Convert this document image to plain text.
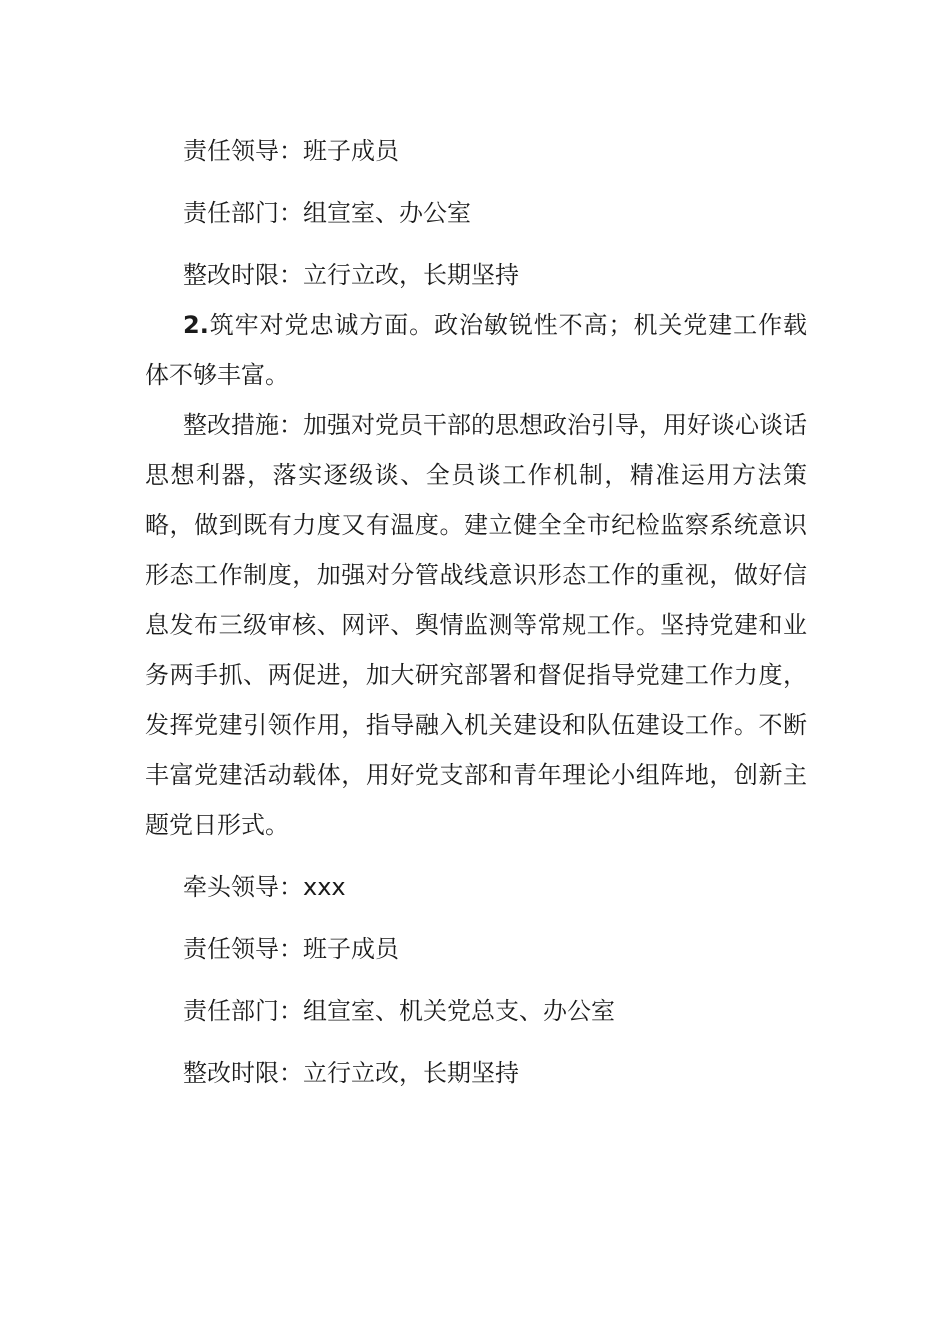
责任领导：班子成员

责任部门：组宣室、办公室

整改时限：立行立改，长期坚持

2.筑牢对党忠诚方面。政治敏锐性不高；机关党建工作载体不够丰富。

整改措施：加强对党员干部的思想政治引导，用好谈心谈话思想利器，落实逐级谈、全员谈工作机制，精准运用方法策略，做到既有力度又有温度。建立健全全市纪检监察系统意识形态工作制度，加强对分管战线意识形态工作的重视，做好信息发布三级审核、网评、舆情监测等常规工作。坚持党建和业务两手抓、两促进，加大研究部署和督促指导党建工作力度，发挥党建引领作用，指导融入机关建设和队伍建设工作。不断丰富党建活动载体，用好党支部和青年理论小组阵地，创新主题党日形式。

牵头领导：xxx

责任领导：班子成员

责任部门：组宣室、机关党总支、办公室

整改时限：立行立改，长期坚持
